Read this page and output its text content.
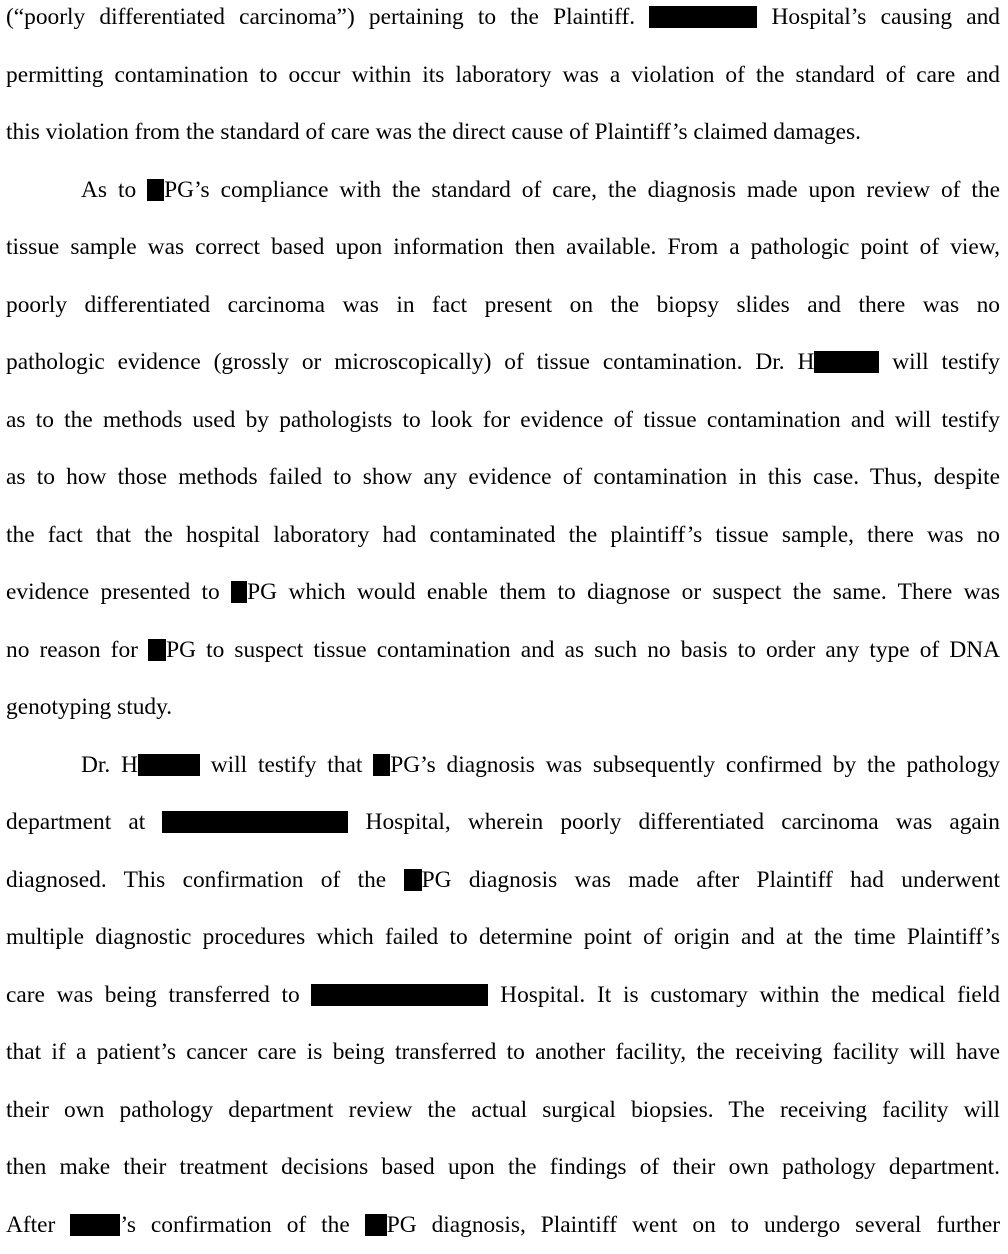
(“poorly differentiated carcinoma”) pertaining to the Plaintiff.	Hospital’s causing and
permitting contamination to occur within its laboratory was a violation of the standard of care and
this violation from the standard of care was the direct cause of Plaintiff’s claimed damages.
As to PG’s compliance with the standard of care, the diagnosis made upon review of the
tissue sample was correct based upon information then available. From a pathologic point of view,
poorly differentiated carcinoma was in fact present on the biopsy slides and there was no
pathologic evidence (grossly or microscopically) of tissue contamination. Dr. H	will testify
as to the methods used by pathologists to look for evidence of tissue contamination and will testify
as to how those methods failed to show any evidence of contamination in this case. Thus, despite
the fact that the hospital laboratory had contaminated the plaintiff’s tissue sample, there was no
evidence presented to PG which would enable them to diagnose or suspect the same. There was
no reason for PG to suspect tissue contamination and as such no basis to order any type of DNA
genotyping study.
Dr. H	will testify that PG’s diagnosis was subsequently confirmed by the pathology
department at	Hospital, wherein poorly differentiated carcinoma was again
diagnosed. This confirmation of the PG diagnosis was made after Plaintiff had underwent
multiple diagnostic procedures which failed to determine point of origin and at the time Plaintiff’s
care was being transferred to	Hospital. It is customary within the medical field
that if a patient’s cancer care is being transferred to another facility, the receiving facility will have
their own pathology department review the actual surgical biopsies. The receiving facility will
then make their treatment decisions based upon the findings of their own pathology department.
After ’s confirmation of the PG diagnosis, Plaintiff went on to undergo several further
